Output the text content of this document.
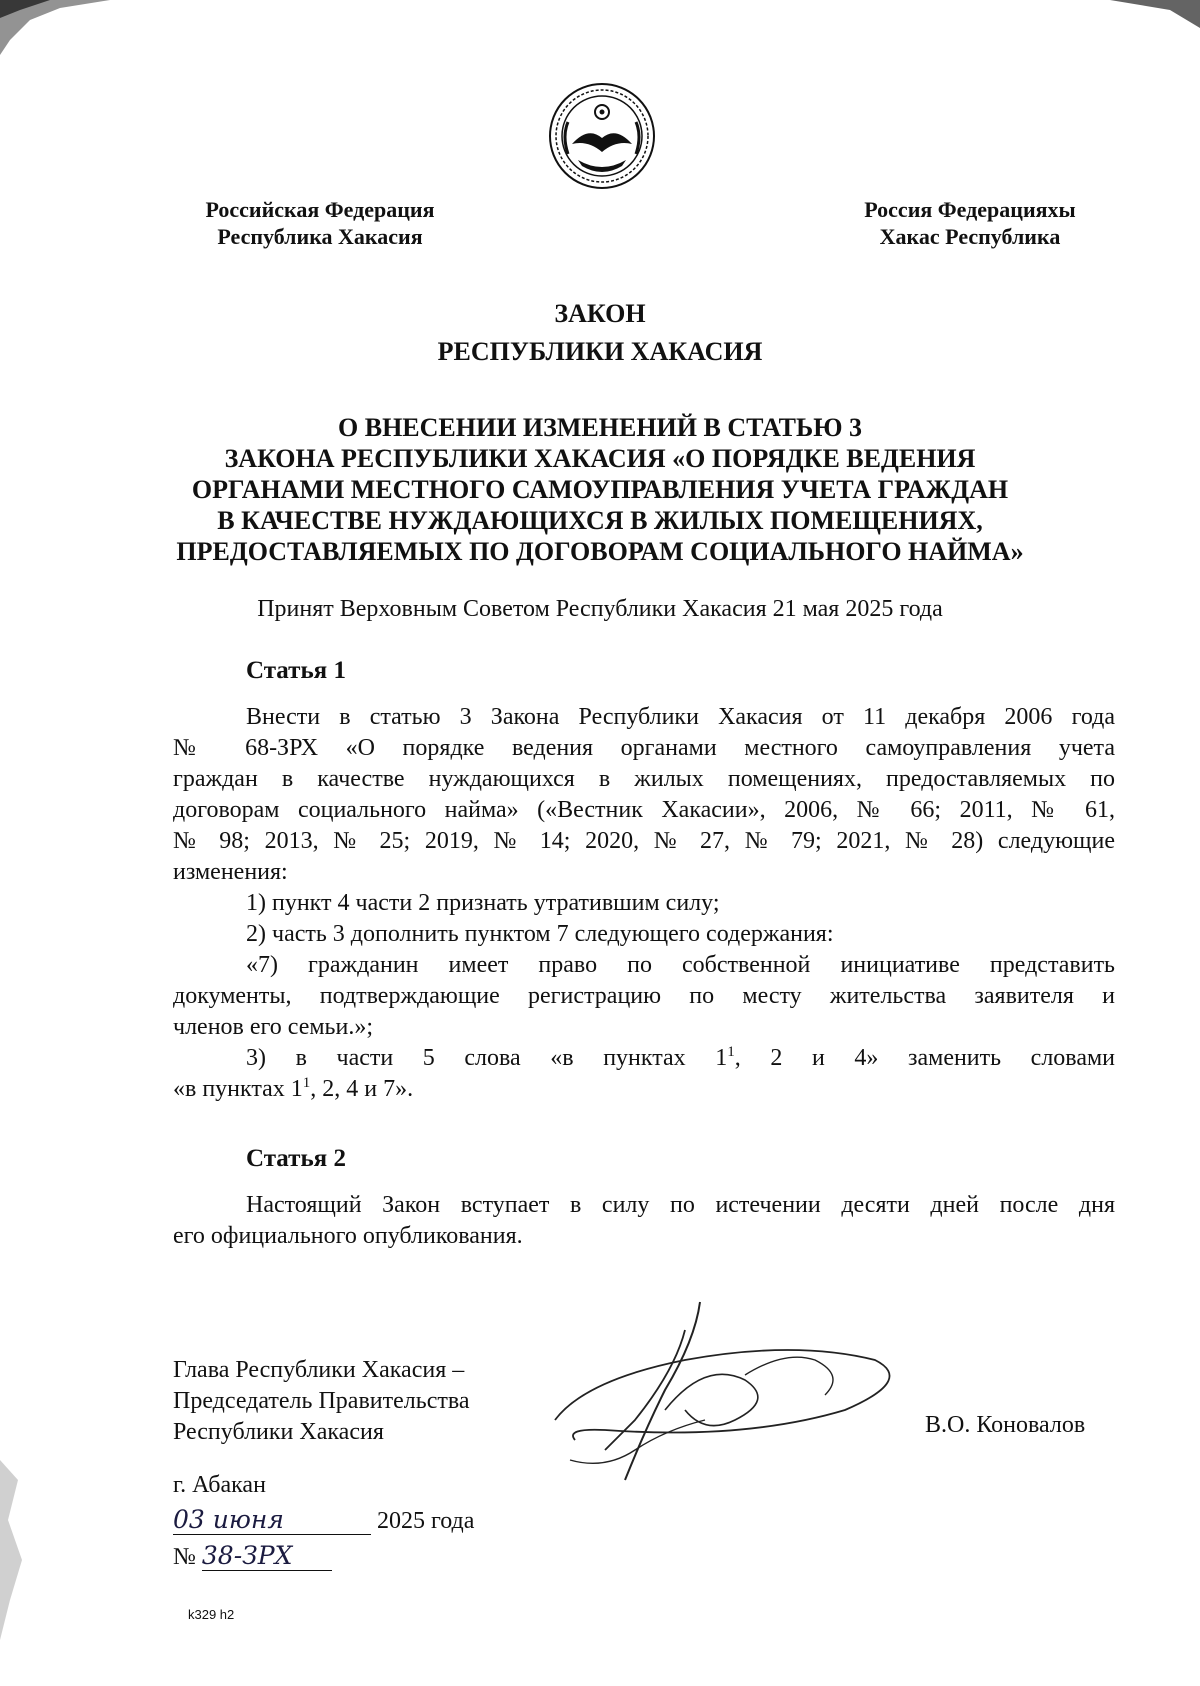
Российская Федерация
Республика Хакасия
Россия Федерацияхы
Хакас Республика
ЗАКОН
РЕСПУБЛИКИ ХАКАСИЯ
О ВНЕСЕНИИ ИЗМЕНЕНИЙ В СТАТЬЮ 3
ЗАКОНА РЕСПУБЛИКИ ХАКАСИЯ «О ПОРЯДКЕ ВЕДЕНИЯ
ОРГАНАМИ МЕСТНОГО САМОУПРАВЛЕНИЯ УЧЕТА ГРАЖДАН
В КАЧЕСТВЕ НУЖДАЮЩИХСЯ В ЖИЛЫХ ПОМЕЩЕНИЯХ,
ПРЕДОСТАВЛЯЕМЫХ ПО ДОГОВОРАМ СОЦИАЛЬНОГО НАЙМА»
Принят Верховным Советом Республики Хакасия 21 мая 2025 года
Статья 1
Внести в статью 3 Закона Республики Хакасия от 11 декабря 2006 года
№ 68-ЗРХ «О порядке ведения органами местного самоуправления учета
граждан в качестве нуждающихся в жилых помещениях, предоставляемых по
договорам социального найма» («Вестник Хакасии», 2006, № 66; 2011, № 61,
№ 98; 2013, № 25; 2019, № 14; 2020, № 27, № 79; 2021, № 28) следующие
изменения:
1) пункт 4 части 2 признать утратившим силу;
2) часть 3 дополнить пунктом 7 следующего содержания:
«7) гражданин имеет право по собственной инициативе представить
документы, подтверждающие регистрацию по месту жительства заявителя и
членов его семьи.»;
3) в части 5 слова «в пунктах $1^1$, 2 и 4» заменить словами
«в пунктах $1^1$, 2, 4 и 7».
Статья 2
Настоящий Закон вступает в силу по истечении десяти дней после дня
его официального опубликования.
Глава Республики Хакасия –
Председатель Правительства
Республики Хакасия	В.О. Коновалов
г. Абакан
03 июня	2025 года
№ 38-ЗРХ
k329 h2
